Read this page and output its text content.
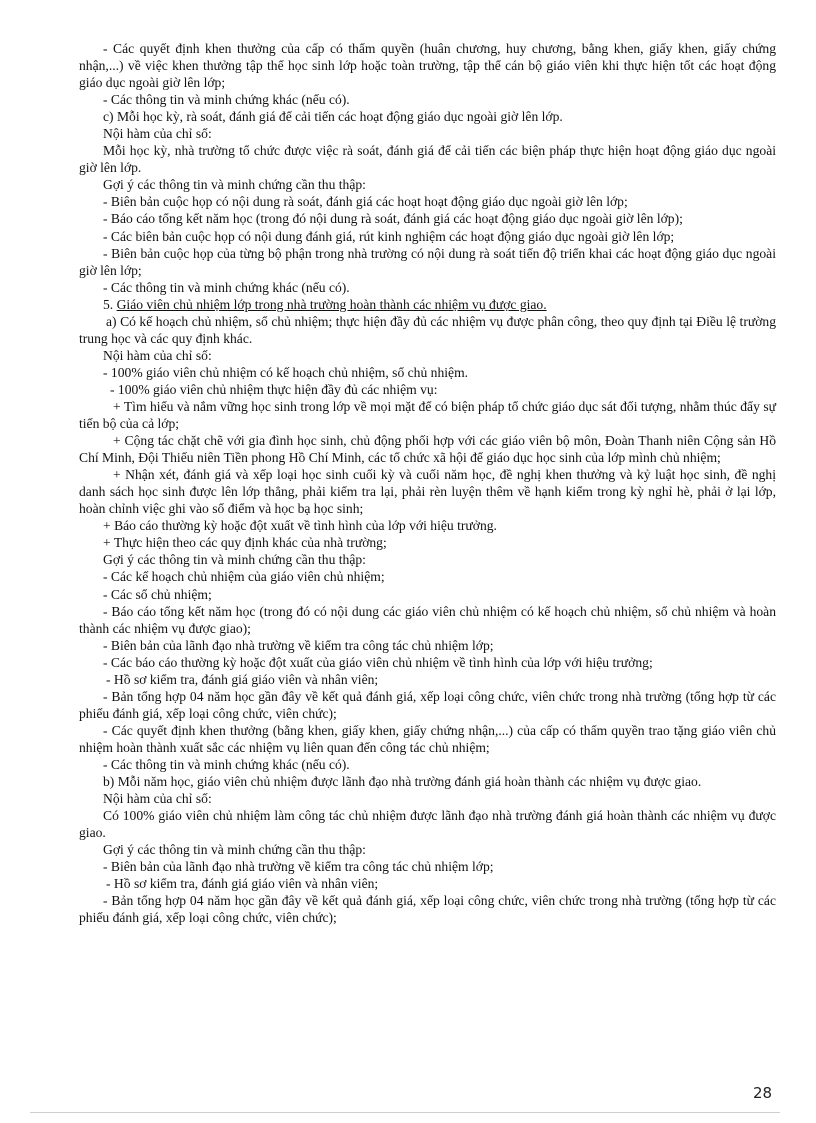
- Các quyết định khen thưởng của cấp có thẩm quyền (huân chương, huy chương, bằng khen, giấy khen, giấy chứng nhận,...) về việc khen thưởng tập thể học sinh lớp hoặc toàn trường, tập thể cán bộ giáo viên khi thực hiện tốt các hoạt động giáo dục ngoài giờ lên lớp;

- Các thông tin và minh chứng khác (nếu có).

c) Mỗi học kỳ, rà soát, đánh giá để cải tiến các hoạt động giáo dục ngoài giờ lên lớp.

Nội hàm của chỉ số:

Mỗi học kỳ, nhà trường tổ chức được việc rà soát, đánh giá để cải tiến các biện pháp thực hiện hoạt động giáo dục ngoài giờ lên lớp.

Gợi ý các thông tin và minh chứng cần thu thập:

- Biên bản cuộc họp có nội dung rà soát, đánh giá các hoạt hoạt động giáo dục ngoài giờ lên lớp;

- Báo cáo tổng kết năm học (trong đó nội dung rà soát, đánh giá các hoạt động giáo dục ngoài giờ lên lớp);

- Các biên bản cuộc họp có nội dung đánh giá, rút kinh nghiệm các hoạt động giáo dục ngoài giờ lên lớp;

- Biên bản cuộc họp của từng bộ phận trong nhà trường có nội dung rà soát tiến độ triển khai các hoạt động giáo dục ngoài giờ lên lớp;

- Các thông tin và minh chứng khác (nếu có).

5. Giáo viên chủ nhiệm lớp trong nhà trường hoàn thành các nhiệm vụ được giao.

a) Có kế hoạch chủ nhiệm, sổ chủ nhiệm; thực hiện đầy đủ các nhiệm vụ được phân công, theo quy định tại Điều lệ trường trung học và các quy định khác.

Nội hàm của chỉ số:

- 100% giáo viên chủ nhiệm có kế hoạch chủ nhiệm, sổ chủ nhiệm.

- 100% giáo viên chủ nhiệm thực hiện đầy đủ các nhiệm vụ:

+ Tìm hiểu và nắm vững học sinh trong lớp về mọi mặt để có biện pháp tổ chức giáo dục sát đối tượng, nhằm thúc đẩy sự tiến bộ của cả lớp;

+ Cộng tác chặt chẽ với gia đình học sinh, chủ động phối hợp với các giáo viên bộ môn, Đoàn Thanh niên Cộng sản Hồ Chí Minh, Đội Thiếu niên Tiền phong Hồ Chí Minh, các tổ chức xã hội để giáo dục học sinh của lớp mình chủ nhiệm;

+ Nhận xét, đánh giá và xếp loại học sinh cuối kỳ và cuối năm học, đề nghị khen thưởng và kỷ luật học sinh, đề nghị danh sách học sinh được lên lớp thẳng, phải kiểm tra lại, phải rèn luyện thêm về hạnh kiểm trong kỳ nghỉ hè, phải ở lại lớp, hoàn chỉnh việc ghi vào sổ điểm và học bạ học sinh;

+ Báo cáo thường kỳ hoặc đột xuất về tình hình của lớp với hiệu trưởng.

+ Thực hiện theo các quy định khác của nhà trường;

Gợi ý các thông tin và minh chứng cần thu thập:

- Các kế hoạch chủ nhiệm của giáo viên chủ nhiệm;

- Các sổ chủ nhiệm;

- Báo cáo tổng kết năm học (trong đó có nội dung các giáo viên chủ nhiệm có kế hoạch chủ nhiệm, sổ chủ nhiệm và hoàn thành các nhiệm vụ được giao);

- Biên bản của lãnh đạo nhà trường về kiểm tra công tác chủ nhiệm lớp;

- Các báo cáo thường kỳ hoặc đột xuất của giáo viên chủ nhiệm về tình hình của lớp với hiệu trưởng;

- Hồ sơ kiểm tra, đánh giá giáo viên và nhân viên;

- Bản tổng hợp 04 năm học gần đây về kết quả đánh giá, xếp loại công chức, viên chức trong nhà trường (tổng hợp từ các phiếu đánh giá, xếp loại công chức, viên chức);

- Các quyết định khen thưởng (bằng khen, giấy khen, giấy chứng nhận,...) của cấp có thẩm quyền trao tặng giáo viên chủ nhiệm hoàn thành xuất sắc các nhiệm vụ liên quan đến công tác chủ nhiệm;

- Các thông tin và minh chứng khác (nếu có).

b) Mỗi năm học, giáo viên chủ nhiệm được lãnh đạo nhà trường đánh giá hoàn thành các nhiệm vụ được giao.

Nội hàm của chỉ số:

Có 100% giáo viên chủ nhiệm làm công tác chủ nhiệm được lãnh đạo nhà trường đánh giá hoàn thành các nhiệm vụ được giao.

Gợi ý các thông tin và minh chứng cần thu thập:

- Biên bản của lãnh đạo nhà trường về kiểm tra công tác chủ nhiệm lớp;

- Hồ sơ kiểm tra, đánh giá giáo viên và nhân viên;

- Bản tổng hợp 04 năm học gần đây về kết quả đánh giá, xếp loại công chức, viên chức trong nhà trường (tổng hợp từ các phiếu đánh giá, xếp loại công chức, viên chức);

28
